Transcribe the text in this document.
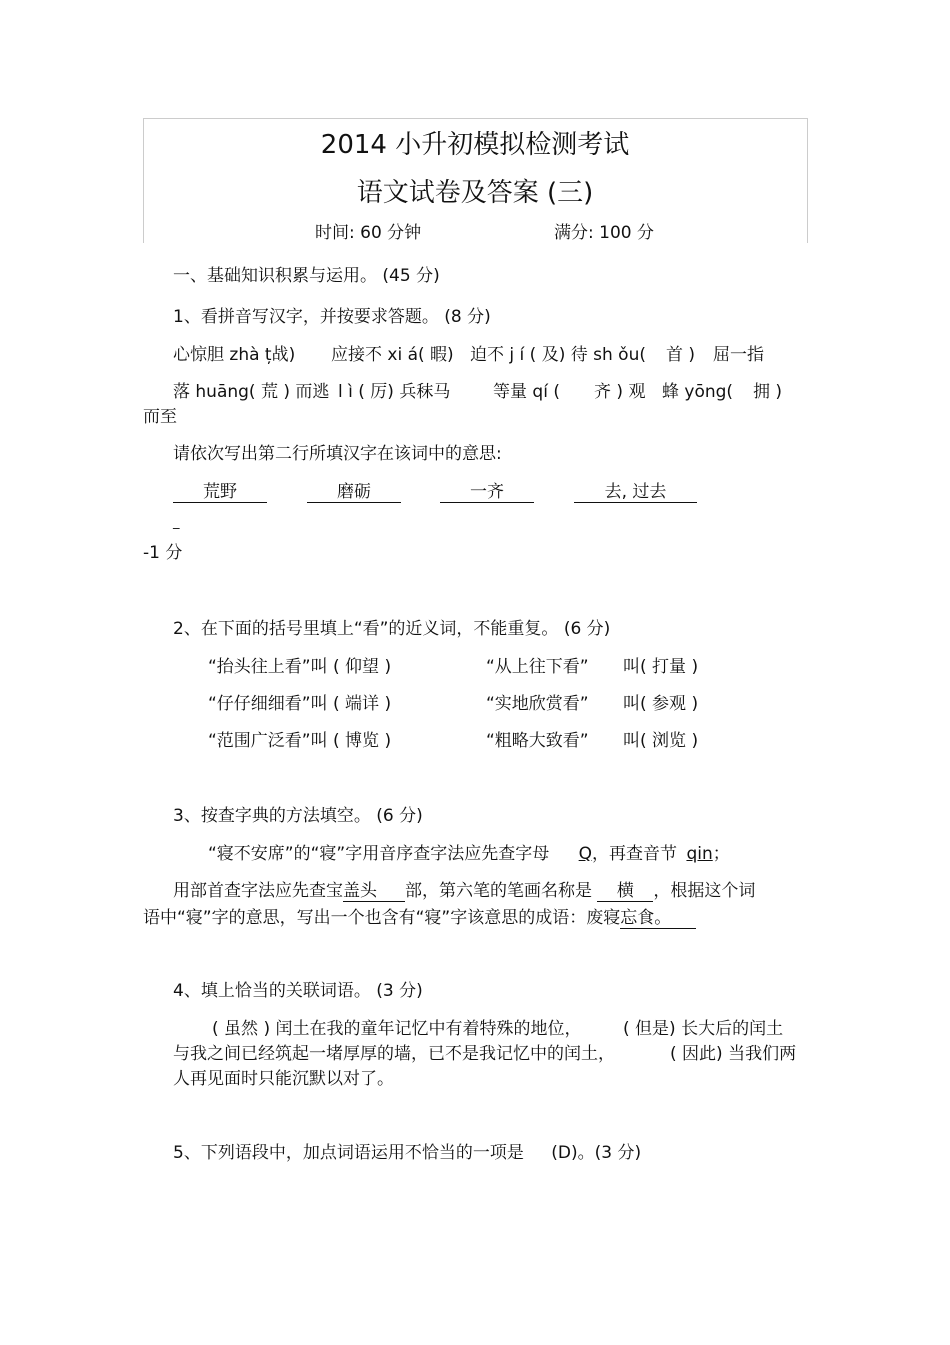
2014 小升初模拟检测考试
语文试卷及答案 (三)
时间: 60 分钟	满分: 100 分
一、基础知识积累与运用。 (45 分)
1、看拼音写汉字，并按要求答题。 (8 分)
心惊胆 zhà ț战) 应接不 xi á( 暇) 迫不 j í ( 及) 待 sh ǒu( 首 ) 屈一指
落 huāng( 荒 ) 而逃 l ì ( 厉) 兵秣马	等量 qí ( 齐 ) 观 蜂 yōng( 拥 )
而至
请依次写出第二行所填汉字在该词中的意思:
荒野	磨砺	一齐	去, 过去
_
-1 分
2、在下面的括号里填上“看”的近义词，不能重复。 (6 分)
“抬头往上看”叫 ( 仰望 )	“从上往下看” 叫( 打量 )
“仔仔细细看”叫 ( 端详 )	“实地欣赏看” 叫( 参观 )
“范围广泛看”叫 ( 博览 )	“粗略大致看” 叫( 浏览 )
3、按查字典的方法填空。 (6 分)
“寝不安席”的“寝”字用音序查字法应先查字母 Q，再查音节 qin；
用部首查字法应先查宝盖头 部，第六笔的笔画名称是 横 ，根据这个词
语中“寝”字的意思，写出一个也含有“寝”字该意思的成语：废寝忘食。
4、填上恰当的关联词语。 (3 分)
( 虽然 ) 闰土在我的童年记忆中有着特殊的地位， ( 但是) 长大后的闰土
与我之间已经筑起一堵厚厚的墙，已不是我记忆中的闰土，	( 因此) 当我们两
人再见面时只能沉默以对了。
5、下列语段中，加点词语运用不恰当的一项是 (D)。(3 分)
